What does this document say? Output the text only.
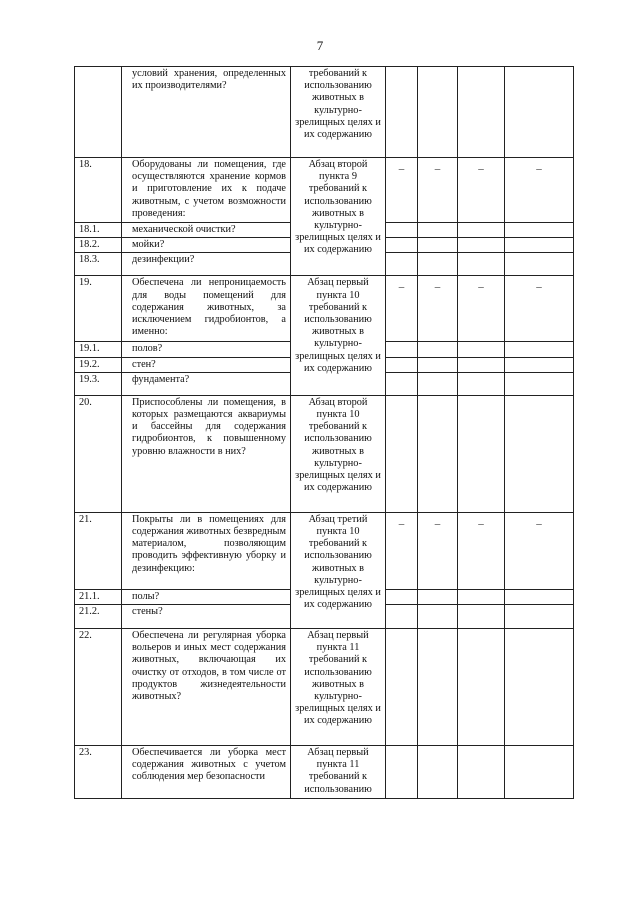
7
	условий хранения, определенных их производителями?	требований к использованию животных в культурно-зрелищных целях и их содержанию				
18.	Оборудованы ли помещения, где осуществляются хранение кормов и приготовление их к подаче животным, с учетом возможности проведения:	Абзац второй пункта 9 требований к использованию животных в культурно-зрелищных целях и их содержанию	–	–	–	–
18.1.	механической очистки?					
18.2.	мойки?					
18.3.	дезинфекции?					
19.	Обеспечена ли непроницаемость для воды помещений для содержания животных, за исключением гидробионтов, а именно:	Абзац первый пункта 10 требований к использованию животных в культурно-зрелищных целях и их содержанию	–	–	–	–
19.1.	полов?					
19.2.	стен?					
19.3.	фундамента?					
20.	Приспособлены ли помещения, в которых размещаются аквариумы и бассейны для содержания гидробионтов, к повышенному уровню влажности в них?	Абзац второй пункта 10 требований к использованию животных в культурно-зрелищных целях и их содержанию				
21.	Покрыты ли в помещениях для содержания животных безвредным материалом, позволяющим проводить эффективную уборку и дезинфекцию:	Абзац третий пункта 10 требований к использованию животных в культурно-зрелищных целях и их содержанию	–	–	–	–
21.1.	полы?					
21.2.	стены?					
22.	Обеспечена ли регулярная уборка вольеров и иных мест содержания животных, включающая их очистку от отходов, в том числе от продуктов жизнедеятельности животных?	Абзац первый пункта 11 требований к использованию животных в культурно-зрелищных целях и их содержанию				
23.	Обеспечивается ли уборка мест содержания животных с учетом соблюдения мер безопасности	Абзац первый пункта 11 требований к использованию				
